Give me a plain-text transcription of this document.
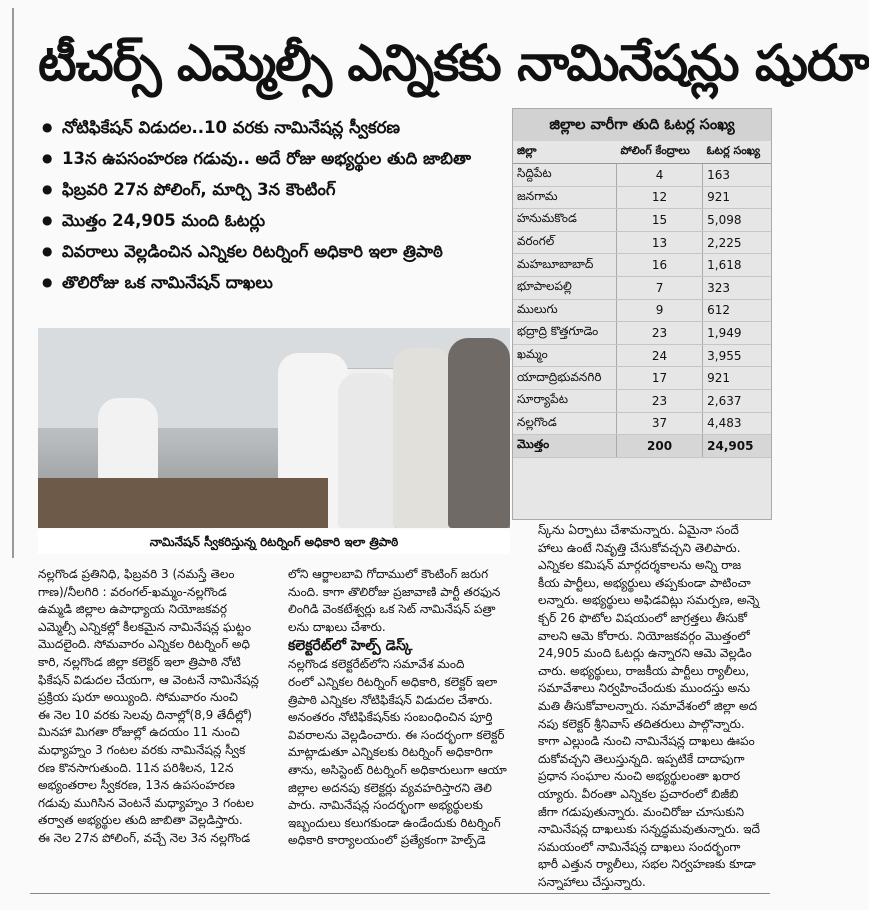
టీచర్స్ ఎమ్మెల్సీ ఎన్నికకు నామినేషన్లు షురూ
● నోటిఫికేషన్ విడుదల..10 వరకు నామినేషన్ల స్వీకరణ
● 13న ఉపసంహరణ గడువు.. అదే రోజు అభ్యర్థుల తుది జాబితా
● ఫిబ్రవరి 27న పోలింగ్, మార్చి 3న కౌంటింగ్
● మొత్తం 24,905 మంది ఓటర్లు
● వివరాలు వెల్లడించిన ఎన్నికల రిటర్నింగ్ అధికారి ఇలా త్రిపాఠి
● తొలిరోజు ఒక నామినేషన్ దాఖలు
జిల్లాల వారీగా తుది ఓటర్ల సంఖ్య
జిల్లా	పోలింగ్ కేంద్రాలు	ఓటర్ల సంఖ్య
సిద్దిపేట	4	163
జనగామ	12	921
హనుమకొండ	15	5,098
వరంగల్	13	2,225
మహబూబాబాద్	16	1,618
భూపాలపల్లి	7	323
ములుగు	9	612
భద్రాద్రి కొత్తగూడెం	23	1,949
ఖమ్మం	24	3,955
యాదాద్రిభువనగిరి	17	921
సూర్యాపేట	23	2,637
నల్లగొండ	37	4,483
మొత్తం	200	24,905
నామినేషన్ స్వీకరిస్తున్న రిటర్నింగ్ అధికారి ఇలా త్రిపాఠి

నల్లగొండ ప్రతినిధి, ఫిబ్రవరి 3 (నమస్తే తెలం

గాణ)/నీలగిరి : వరంగల్-ఖమ్మం-నల్లగొండ

ఉమ్మడి జిల్లాల ఉపాధ్యాయ నియోజకవర్గ

ఎమ్మెల్సీ ఎన్నికల్లో కీలకమైన నామినేషన్ల ఘట్టం

మొదలైంది. సోమవారం ఎన్నికల రిటర్నింగ్ అధి

కారి, నల్లగొండ జిల్లా కలెక్టర్ ఇలా త్రిపాఠి నోటి

ఫికేషన్ విడుదల చేయగా, ఆ వెంటనే నామినేషన్ల

ప్రక్రియ షురూ అయ్యింది. సోమవారం నుంచి

ఈ నెల 10 వరకు సెలవు దినాల్లో(8,9 తేదీల్లో)

మినహా మిగతా రోజుల్లో ఉదయం 11 నుంచి

మధ్యాహ్నం 3 గంటల వరకు నామినేషన్ల స్వీక

రణ కొనసాగుతుంది. 11న పరిశీలన, 12న

అభ్యంతరాల స్వీకరణ, 13న ఉపసంహరణ

గడువు ముగిసిన వెంటనే మధ్యాహ్నం 3 గంటల

తర్వాత అభ్యర్థుల తుది జాబితా వెల్లడిస్తారు.

ఈ నెల 27న పోలింగ్, వచ్చే నెల 3న నల్లగొండ

లోని ఆర్జాలబావి గోదాములో కౌంటింగ్ జరుగ

నుంది. కాగా తొలిరోజు ప్రజావాణి పార్టీ తరఫున

లింగిడి వెంకటేశ్వర్లు ఒక సెట్ నామినేషన్ పత్రా

లను దాఖలు చేశారు.

కలెక్టరేట్‌లో హెల్ప్ డెస్క్

నల్లగొండ కలెక్టరేట్‌లోని సమావేశ మంది

రంలో ఎన్నికల రిటర్నింగ్ అధికారి, కలెక్టర్ ఇలా

త్రిపాఠి ఎన్నికల నోటిఫికేషన్ విడుదల చేశారు.

అనంతరం నోటిఫికేషన్‌కు సంబంధించిన పూర్తి

వివరాలను వెల్లడించారు. ఈ సందర్భంగా కలెక్టర్

మాట్లాడుతూ ఎన్నికలకు రిటర్నింగ్ అధికారిగా

తాను, అసిస్టెంట్ రిటర్నింగ్ అధికారులుగా ఆయా

జిల్లాల అదనపు కలెక్టర్లు వ్యవహరిస్తారని తెలి

పారు. నామినేషన్ల సందర్భంగా అభ్యర్థులకు

ఇబ్బందులు కలుగకుండా ఉండేందుకు రిటర్నింగ్

అధికారి కార్యాలయంలో ప్రత్యేకంగా హెల్ప్‌డె

స్క్‌ను ఏర్పాటు చేశామన్నారు. ఏమైనా సందే

హాలు ఉంటే నివృత్తి చేసుకోవచ్చని తెలిపారు.

ఎన్నికల కమిషన్ మార్గదర్శకాలను అన్ని రాజ

కీయ పార్టీలు, అభ్యర్థులు తప్పకుండా పాటించా

లన్నారు. అభ్యర్థులు అఫిడవిట్లు సమర్పణ, అన్నె

క్చర్ 26 ఫొటోల విషయంలో జాగ్రత్తలు తీసుకో

వాలని ఆమె కోరారు. నియోజకవర్గం మొత్తంలో

24,905 మంది ఓటర్లు ఉన్నారని ఆమె వెల్లడిం

చారు. అభ్యర్థులు, రాజకీయ పార్టీలు ర్యాలీలు,

సమావేశాలు నిర్వహించేందుకు ముందస్తు అను

మతి తీసుకోవాలన్నారు. సమావేశంలో జిల్లా అద

నపు కలెక్టర్ శ్రీనివాస్ తదితరులు పాల్గొన్నారు.

కాగా ఎల్లుండి నుంచి నామినేషన్ల దాఖలు ఊపం

దుకోవచ్చని తెలుస్తున్నది. ఇప్పటికే దాదాపుగా

ప్రధాన సంఘాల నుంచి అభ్యర్థులంతా ఖరార

య్యారు. వీరంతా ఎన్నికల ప్రచారంలో బిజీబి

జీగా గడుపుతున్నారు. మంచిరోజు చూసుకుని

నామినేషన్ల దాఖలుకు సన్నద్ధమవుతున్నారు. ఇదే

సమయంలో నామినేషన్ల దాఖలు సందర్భంగా

భారీ ఎత్తున ర్యాలీలు, సభల నిర్వహణకు కూడా

సన్నాహాలు చేస్తున్నారు.
